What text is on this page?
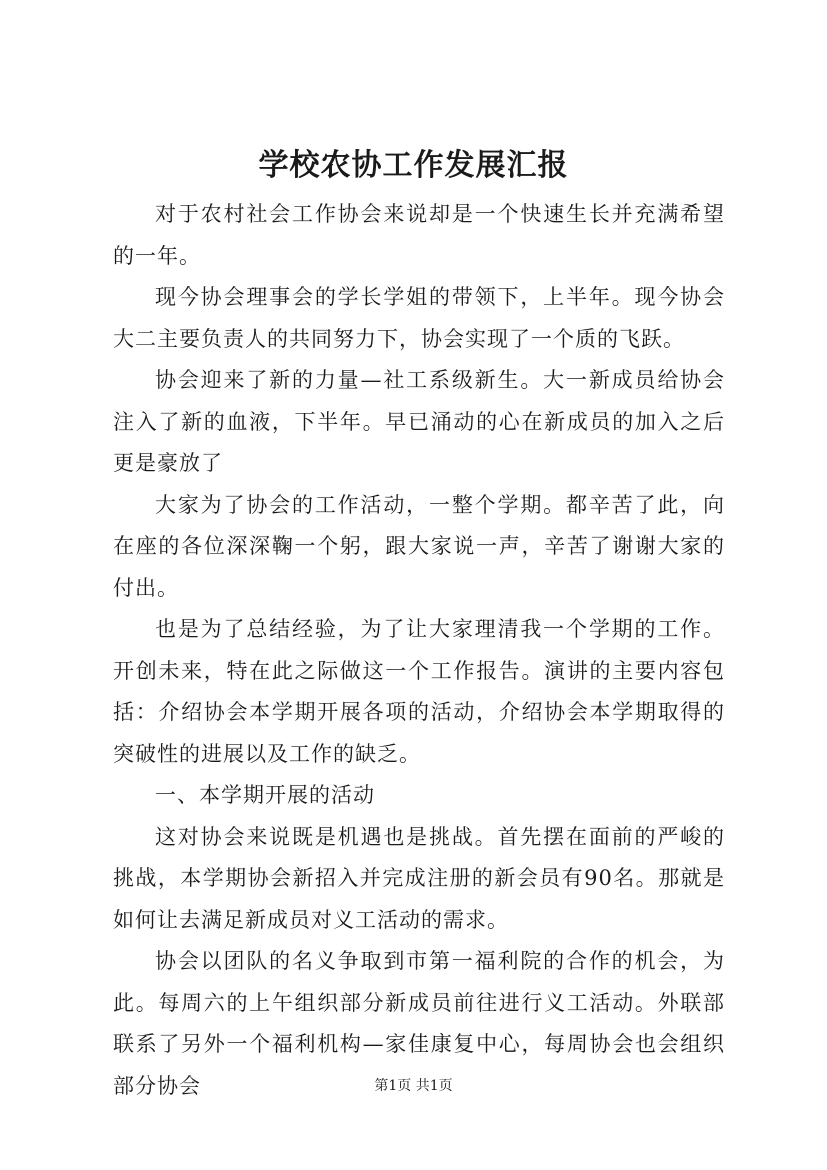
学校农协工作发展汇报

对于农村社会工作协会来说却是一个快速生长并充满希望的一年。

现今协会理事会的学长学姐的带领下，上半年。现今协会大二主要负责人的共同努力下，协会实现了一个质的飞跃。

协会迎来了新的力量—社工系级新生。大一新成员给协会注入了新的血液，下半年。早已涌动的心在新成员的加入之后更是豪放了

大家为了协会的工作活动，一整个学期。都辛苦了此，向在座的各位深深鞠一个躬，跟大家说一声，辛苦了谢谢大家的付出。

也是为了总结经验，为了让大家理清我一个学期的工作。开创未来，特在此之际做这一个工作报告。演讲的主要内容包括：介绍协会本学期开展各项的活动，介绍协会本学期取得的突破性的进展以及工作的缺乏。

一、本学期开展的活动

这对协会来说既是机遇也是挑战。首先摆在面前的严峻的挑战，本学期协会新招入并完成注册的新会员有90名。那就是如何让去满足新成员对义工活动的需求。

协会以团队的名义争取到市第一福利院的合作的机会，为此。每周六的上午组织部分新成员前往进行义工活动。外联部联系了另外一个福利机构—家佳康复中心，每周协会也会组织部分协会	第1页 共1页
